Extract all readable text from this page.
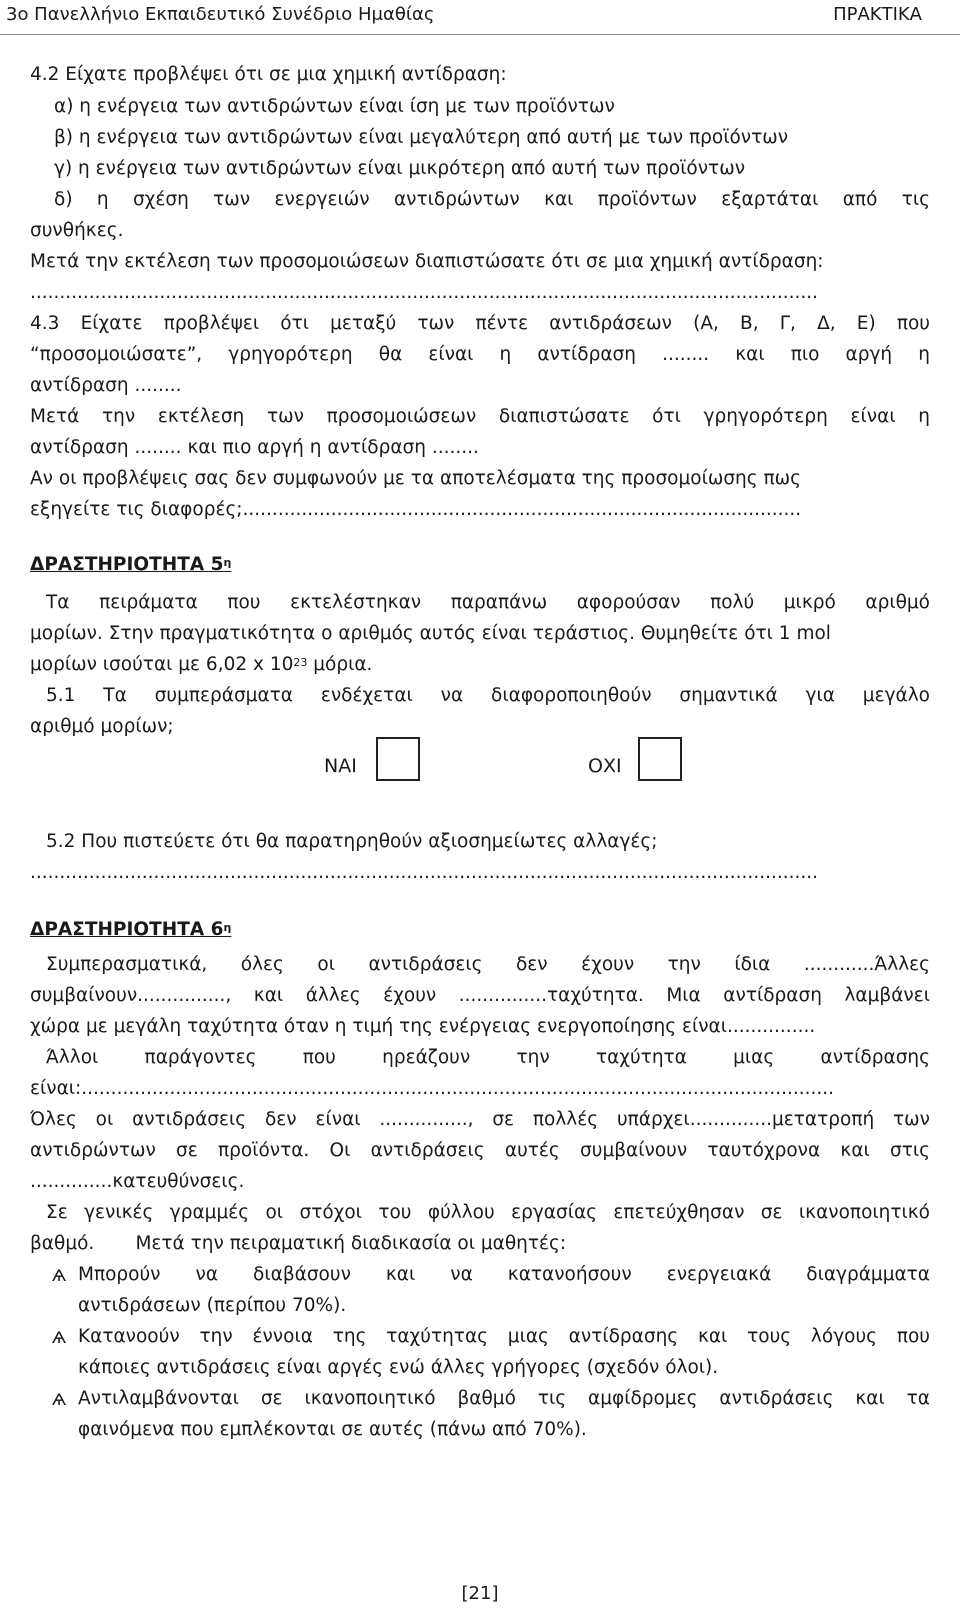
3ο Πανελλήνιο Εκπαιδευτικό Συνέδριο Ημαθίας	ΠΡΑΚΤΙΚΑ
4.2 Είχατε προβλέψει ότι σε μια χημική αντίδραση:
α) η ενέργεια των αντιδρώντων είναι ίση με των προϊόντων
β) η ενέργεια των αντιδρώντων είναι μεγαλύτερη από αυτή με των προϊόντων
γ) η ενέργεια των αντιδρώντων είναι μικρότερη από αυτή των προϊόντων
δ) η σχέση των ενεργειών αντιδρώντων και προϊόντων εξαρτάται από τις
συνθήκες.
Μετά την εκτέλεση των προσομοιώσεων διαπιστώσατε ότι σε μια χημική αντίδραση:
......................................................................................................................................
4.3 Είχατε προβλέψει ότι μεταξύ των πέντε αντιδράσεων (Α, Β, Γ, Δ, Ε) που
“προσομοιώσατε”, γρηγορότερη θα είναι η αντίδραση ........ και πιο αργή η
αντίδραση ........
Μετά την εκτέλεση των προσομοιώσεων διαπιστώσατε ότι γρηγορότερη είναι η
αντίδραση ........ και πιο αργή η αντίδραση ........
Αν οι προβλέψεις σας δεν συμφωνούν με τα αποτελέσματα της προσομοίωσης πως
εξηγείτε τις διαφορές;...............................................................................................
ΔΡΑΣΤΗΡΙΟΤΗΤΑ $5^\eta$
Τα πειράματα που εκτελέστηκαν παραπάνω αφορούσαν πολύ μικρό αριθμό
μορίων. Στην πραγματικότητα ο αριθμός αυτός είναι τεράστιος. Θυμηθείτε ότι 1 mol
μορίων ισούται με 6,02 x $10^{23}$ μόρια.
5.1 Τα συμπεράσματα ενδέχεται να διαφοροποιηθούν σημαντικά για μεγάλο
αριθμό μορίων;
ΝΑΙ	ΟΧΙ
5.2 Που πιστεύετε ότι θα παρατηρηθούν αξιοσημείωτες αλλαγές;
......................................................................................................................................
ΔΡΑΣΤΗΡΙΟΤΗΤΑ $6^\eta$
Συμπερασματικά, όλες οι αντιδράσεις δεν έχουν την ίδια ............Άλλες
συμβαίνουν..............., και άλλες έχουν ...............ταχύτητα. Μια αντίδραση λαμβάνει
χώρα με μεγάλη ταχύτητα όταν η τιμή της ενέργειας ενεργοποίησης είναι...............
Άλλοι παράγοντες που ηρεάζουν την ταχύτητα μιας αντίδρασης
είναι:................................................................................................................................
Όλες οι αντιδράσεις δεν είναι ..............., σε πολλές υπάρχει..............μετατροπή των
αντιδρώντων σε προϊόντα. Οι αντιδράσεις αυτές συμβαίνουν ταυτόχρονα και στις
..............κατευθύνσεις.
Σε γενικές γραμμές οι στόχοι του φύλλου εργασίας επετεύχθησαν σε ικανοποιητικό
βαθμό.       Μετά την πειραματική διαδικασία οι μαθητές:
Ѧ Μπορούν να διαβάσουν και να κατανοήσουν ενεργειακά διαγράμματα
αντιδράσεων (περίπου 70%).
Ѧ Κατανοούν την έννοια της ταχύτητας μιας αντίδρασης και τους λόγους που
κάποιες αντιδράσεις είναι αργές ενώ άλλες γρήγορες (σχεδόν όλοι).
Ѧ Αντιλαμβάνονται σε ικανοποιητικό βαθμό τις αμφίδρομες αντιδράσεις και τα
φαινόμενα που εμπλέκονται σε αυτές (πάνω από 70%).
[21]
